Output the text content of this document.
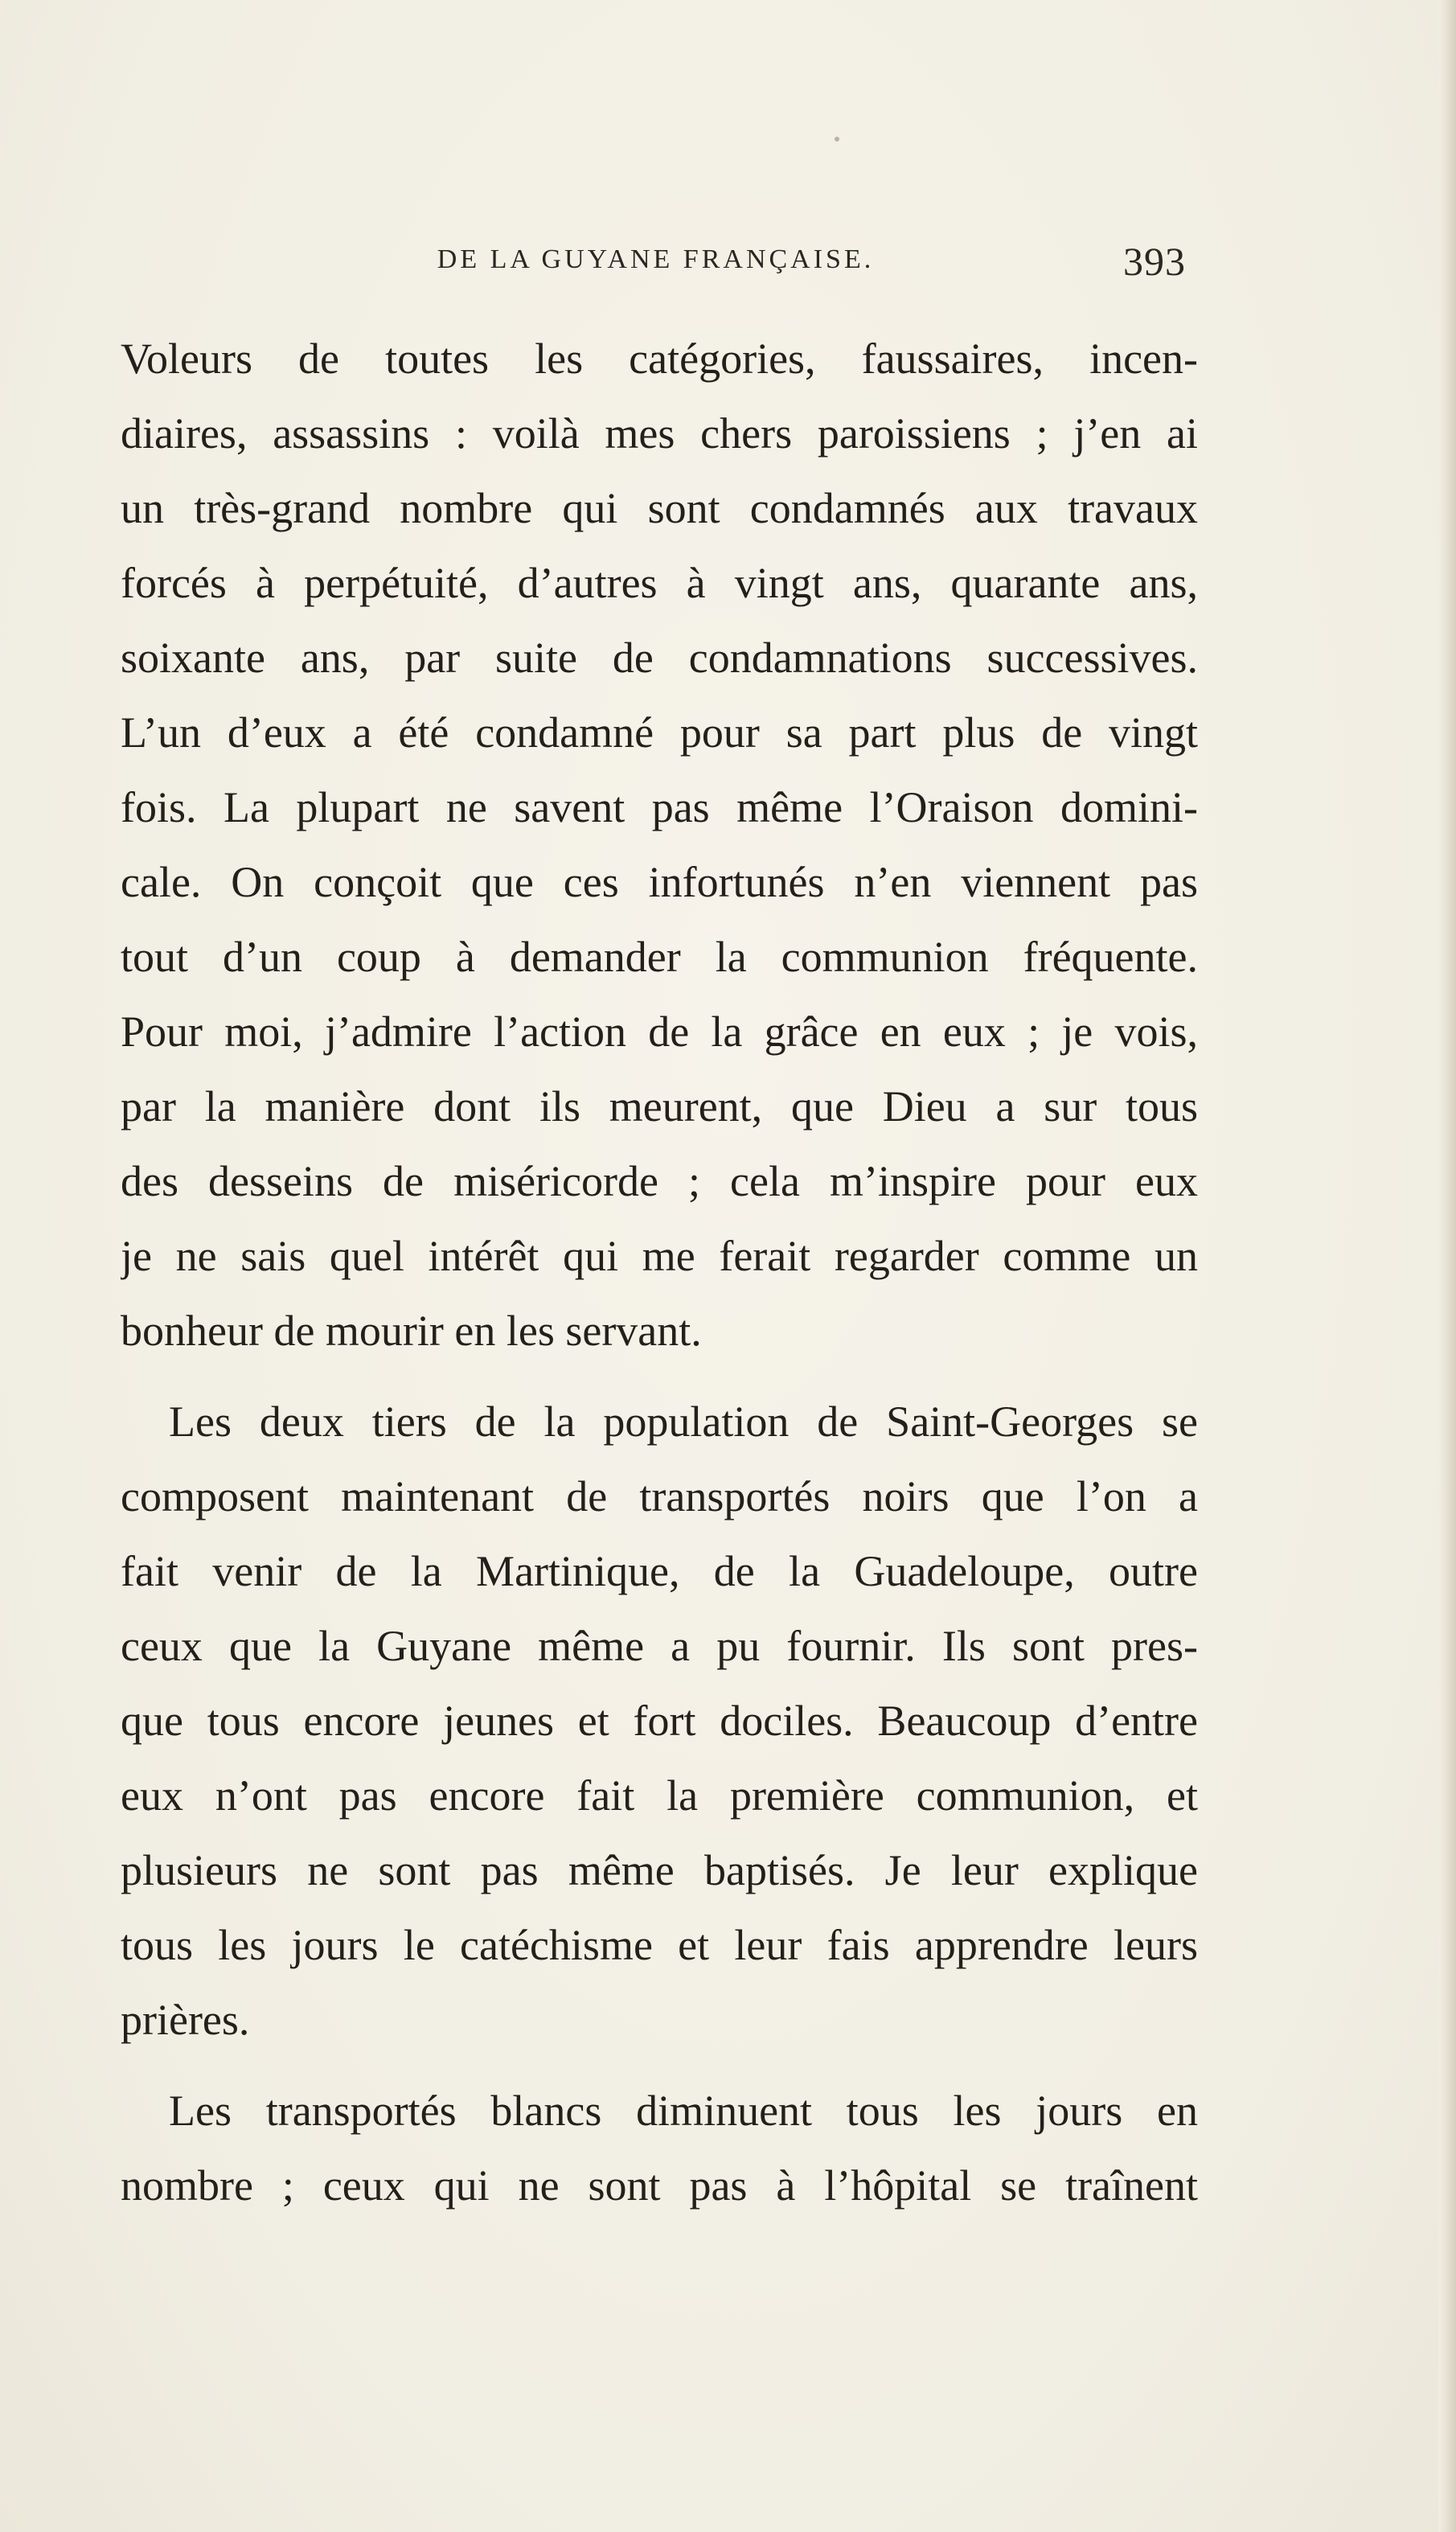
DE LA GUYANE FRANÇAISE.	393
Voleurs de toutes les catégories, faussaires, incen-
diaires, assassins : voilà mes chers paroissiens ; j’en ai
un très-grand nombre qui sont condamnés aux travaux
forcés à perpétuité, d’autres à vingt ans, quarante ans,
soixante ans, par suite de condamnations successives.
L’un d’eux a été condamné pour sa part plus de vingt
fois. La plupart ne savent pas même l’Oraison domini-
cale. On conçoit que ces infortunés n’en viennent pas
tout d’un coup à demander la communion fréquente.
Pour moi, j’admire l’action de la grâce en eux ; je vois,
par la manière dont ils meurent, que Dieu a sur tous
des desseins de miséricorde ; cela m’inspire pour eux
je ne sais quel intérêt qui me ferait regarder comme un
bonheur de mourir en les servant.
Les deux tiers de la population de Saint-Georges se
composent maintenant de transportés noirs que l’on a
fait venir de la Martinique, de la Guadeloupe, outre
ceux que la Guyane même a pu fournir. Ils sont pres-
que tous encore jeunes et fort dociles. Beaucoup d’entre
eux n’ont pas encore fait la première communion, et
plusieurs ne sont pas même baptisés. Je leur explique
tous les jours le catéchisme et leur fais apprendre leurs
prières.
Les transportés blancs diminuent tous les jours en
nombre ; ceux qui ne sont pas à l’hôpital se traînent
